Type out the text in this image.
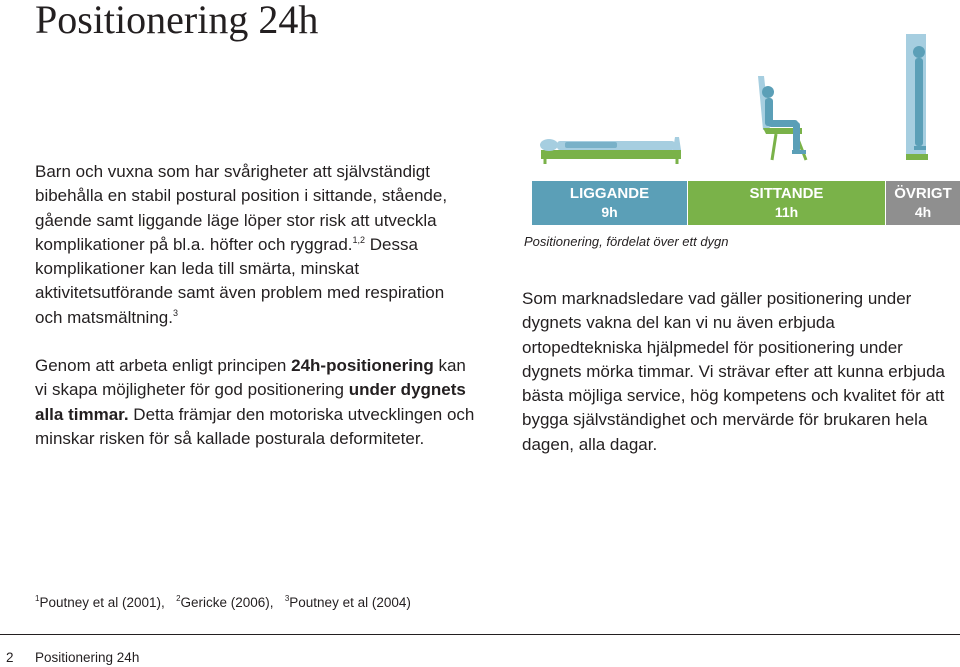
Positionering 24h

Barn och vuxna som har svårigheter att självständigt bibehålla en stabil postural position i sittande, stående, gående samt liggande läge löper stor risk att utveckla komplikationer på bl.a. höfter och ryggrad.$^{1,2}$ Dessa komplikationer kan leda till smärta, minskat aktivitetsutförande samt även problem med respiration och matsmältning.$^3$

Genom att arbeta enligt principen 24h-positionering kan vi skapa möjligheter för god positionering under dygnets alla timmar. Detta främjar den motoriska utvecklingen och minskar risken för så kallade posturala deformiteter.

LIGGANDE
9h
SITTANDE
11h
ÖVRIGT
4h
Positionering, fördelat över ett dygn

Som marknadsledare vad gäller positionering under dygnets vakna del kan vi nu även erbjuda ortopedtekniska hjälpmedel för positionering under dygnets mörka timmar. Vi strävar efter att kunna erbjuda bästa möjliga service, hög kompetens och kvalitet för att bygga självständighet och mervärde för brukaren hela dagen, alla dagar.

$^1$Poutney et al (2001), $^2$Gericke (2006), $^3$Poutney et al (2004)
2 Positionering 24h
